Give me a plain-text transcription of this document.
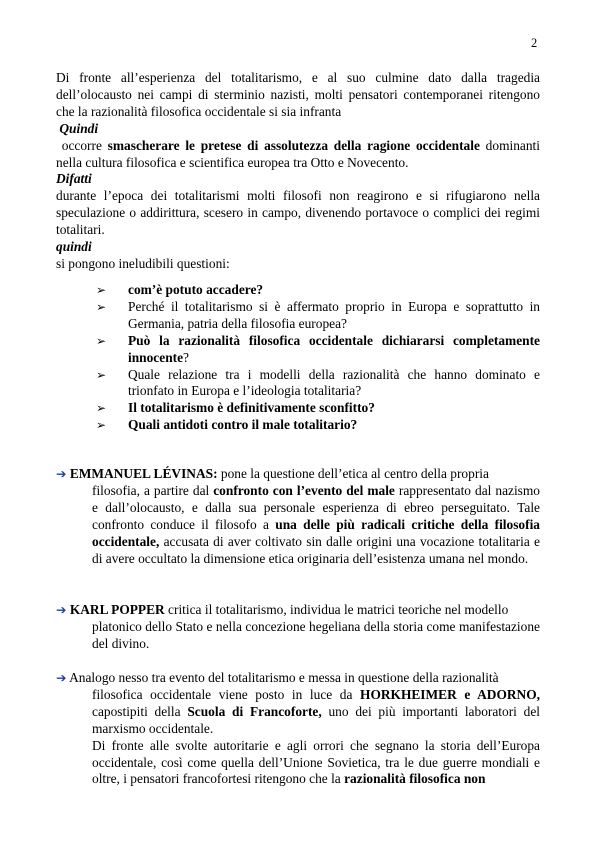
2

Di fronte all’esperienza del totalitarismo, e al suo culmine dato dalla tragedia dell’olocausto nei campi di sterminio nazisti, molti pensatori contemporanei ritengono che la razionalità filosofica occidentale si sia infranta

Quindi

occorre smascherare le pretese di assolutezza della ragione occidentale dominanti nella cultura filosofica e scientifica europea tra Otto e Novecento.

Difatti

durante l’epoca dei totalitarismi molti filosofi non reagirono e si rifugiarono nella speculazione o addirittura, scesero in campo, divenendo portavoce o complici dei regimi totalitari.

quindi

si pongono ineludibili questioni:

➢	com’è potuto accadere?
➢	Perché il totalitarismo si è affermato proprio in Europa e soprattutto in Germania, patria della filosofia europea?
➢	Può la razionalità filosofica occidentale dichiararsi completamente innocente?
➢	Quale relazione tra i modelli della razionalità che hanno dominato e trionfato in Europa e l’ideologia totalitaria?
➢	Il totalitarismo è definitivamente sconfitto?
➢	Quali antidoti contro il male totalitario?
➔ EMMANUEL LÉVINAS: pone la questione dell’etica al centro della propria
filosofia, a partire dal confronto con l’evento del male rappresentato dal nazismo e dall’olocausto, e dalla sua personale esperienza di ebreo perseguitato. Tale confronto conduce il filosofo a una delle più radicali critiche della filosofia occidentale, accusata di aver coltivato sin dalle origini una vocazione totalitaria e di avere occultato la dimensione etica originaria dell’esistenza umana nel mondo.
➔ KARL POPPER critica il totalitarismo, individua le matrici teoriche nel modello
platonico dello Stato e nella concezione hegeliana della storia come manifestazione del divino.
➔ Analogo nesso tra evento del totalitarismo e messa in questione della razionalità
filosofica occidentale viene posto in luce da HORKHEIMER e ADORNO, capostipiti della Scuola di Francoforte, uno dei più importanti laboratori del marxismo occidentale.
Di fronte alle svolte autoritarie e agli orrori che segnano la storia dell’Europa occidentale, così come quella dell’Unione Sovietica, tra le due guerre mondiali e oltre, i pensatori francofortesi ritengono che la razionalità filosofica non
